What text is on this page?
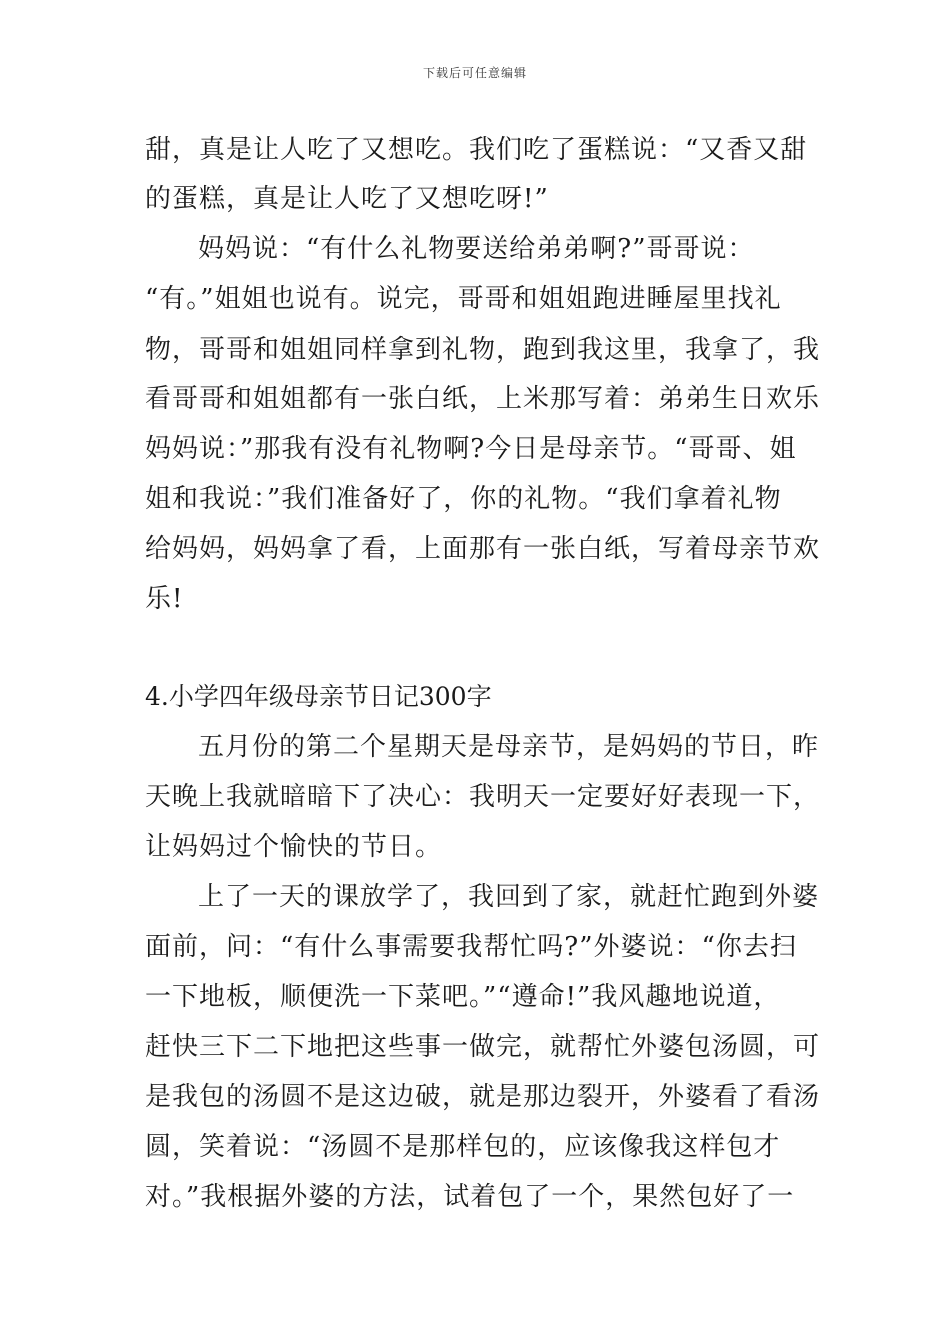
下载后可任意编辑
甜，真是让人吃了又想吃。我们吃了蛋糕说：“又香又甜
的蛋糕，真是让人吃了又想吃呀!”
妈妈说：“有什么礼物要送给弟弟啊?”哥哥说：
“有。”姐姐也说有。说完，哥哥和姐姐跑进睡屋里找礼
物，哥哥和姐姐同样拿到礼物，跑到我这里，我拿了，我
看哥哥和姐姐都有一张白纸，上米那写着：弟弟生日欢乐
妈妈说：”那我有没有礼物啊?今日是母亲节。“哥哥、姐
姐和我说：”我们准备好了，你的礼物。“我们拿着礼物
给妈妈，妈妈拿了看，上面那有一张白纸，写着母亲节欢
乐!
4.小学四年级母亲节日记300字
五月份的第二个星期天是母亲节，是妈妈的节日，昨
天晚上我就暗暗下了决心：我明天一定要好好表现一下，
让妈妈过个愉快的节日。
上了一天的课放学了，我回到了家，就赶忙跑到外婆
面前，问：“有什么事需要我帮忙吗?”外婆说：“你去扫
一下地板，顺便洗一下菜吧。”“遵命!”我风趣地说道，
赶快三下二下地把这些事一做完，就帮忙外婆包汤圆，可
是我包的汤圆不是这边破，就是那边裂开，外婆看了看汤
圆，笑着说：“汤圆不是那样包的，应该像我这样包才
对。”我根据外婆的方法，试着包了一个，果然包好了一
